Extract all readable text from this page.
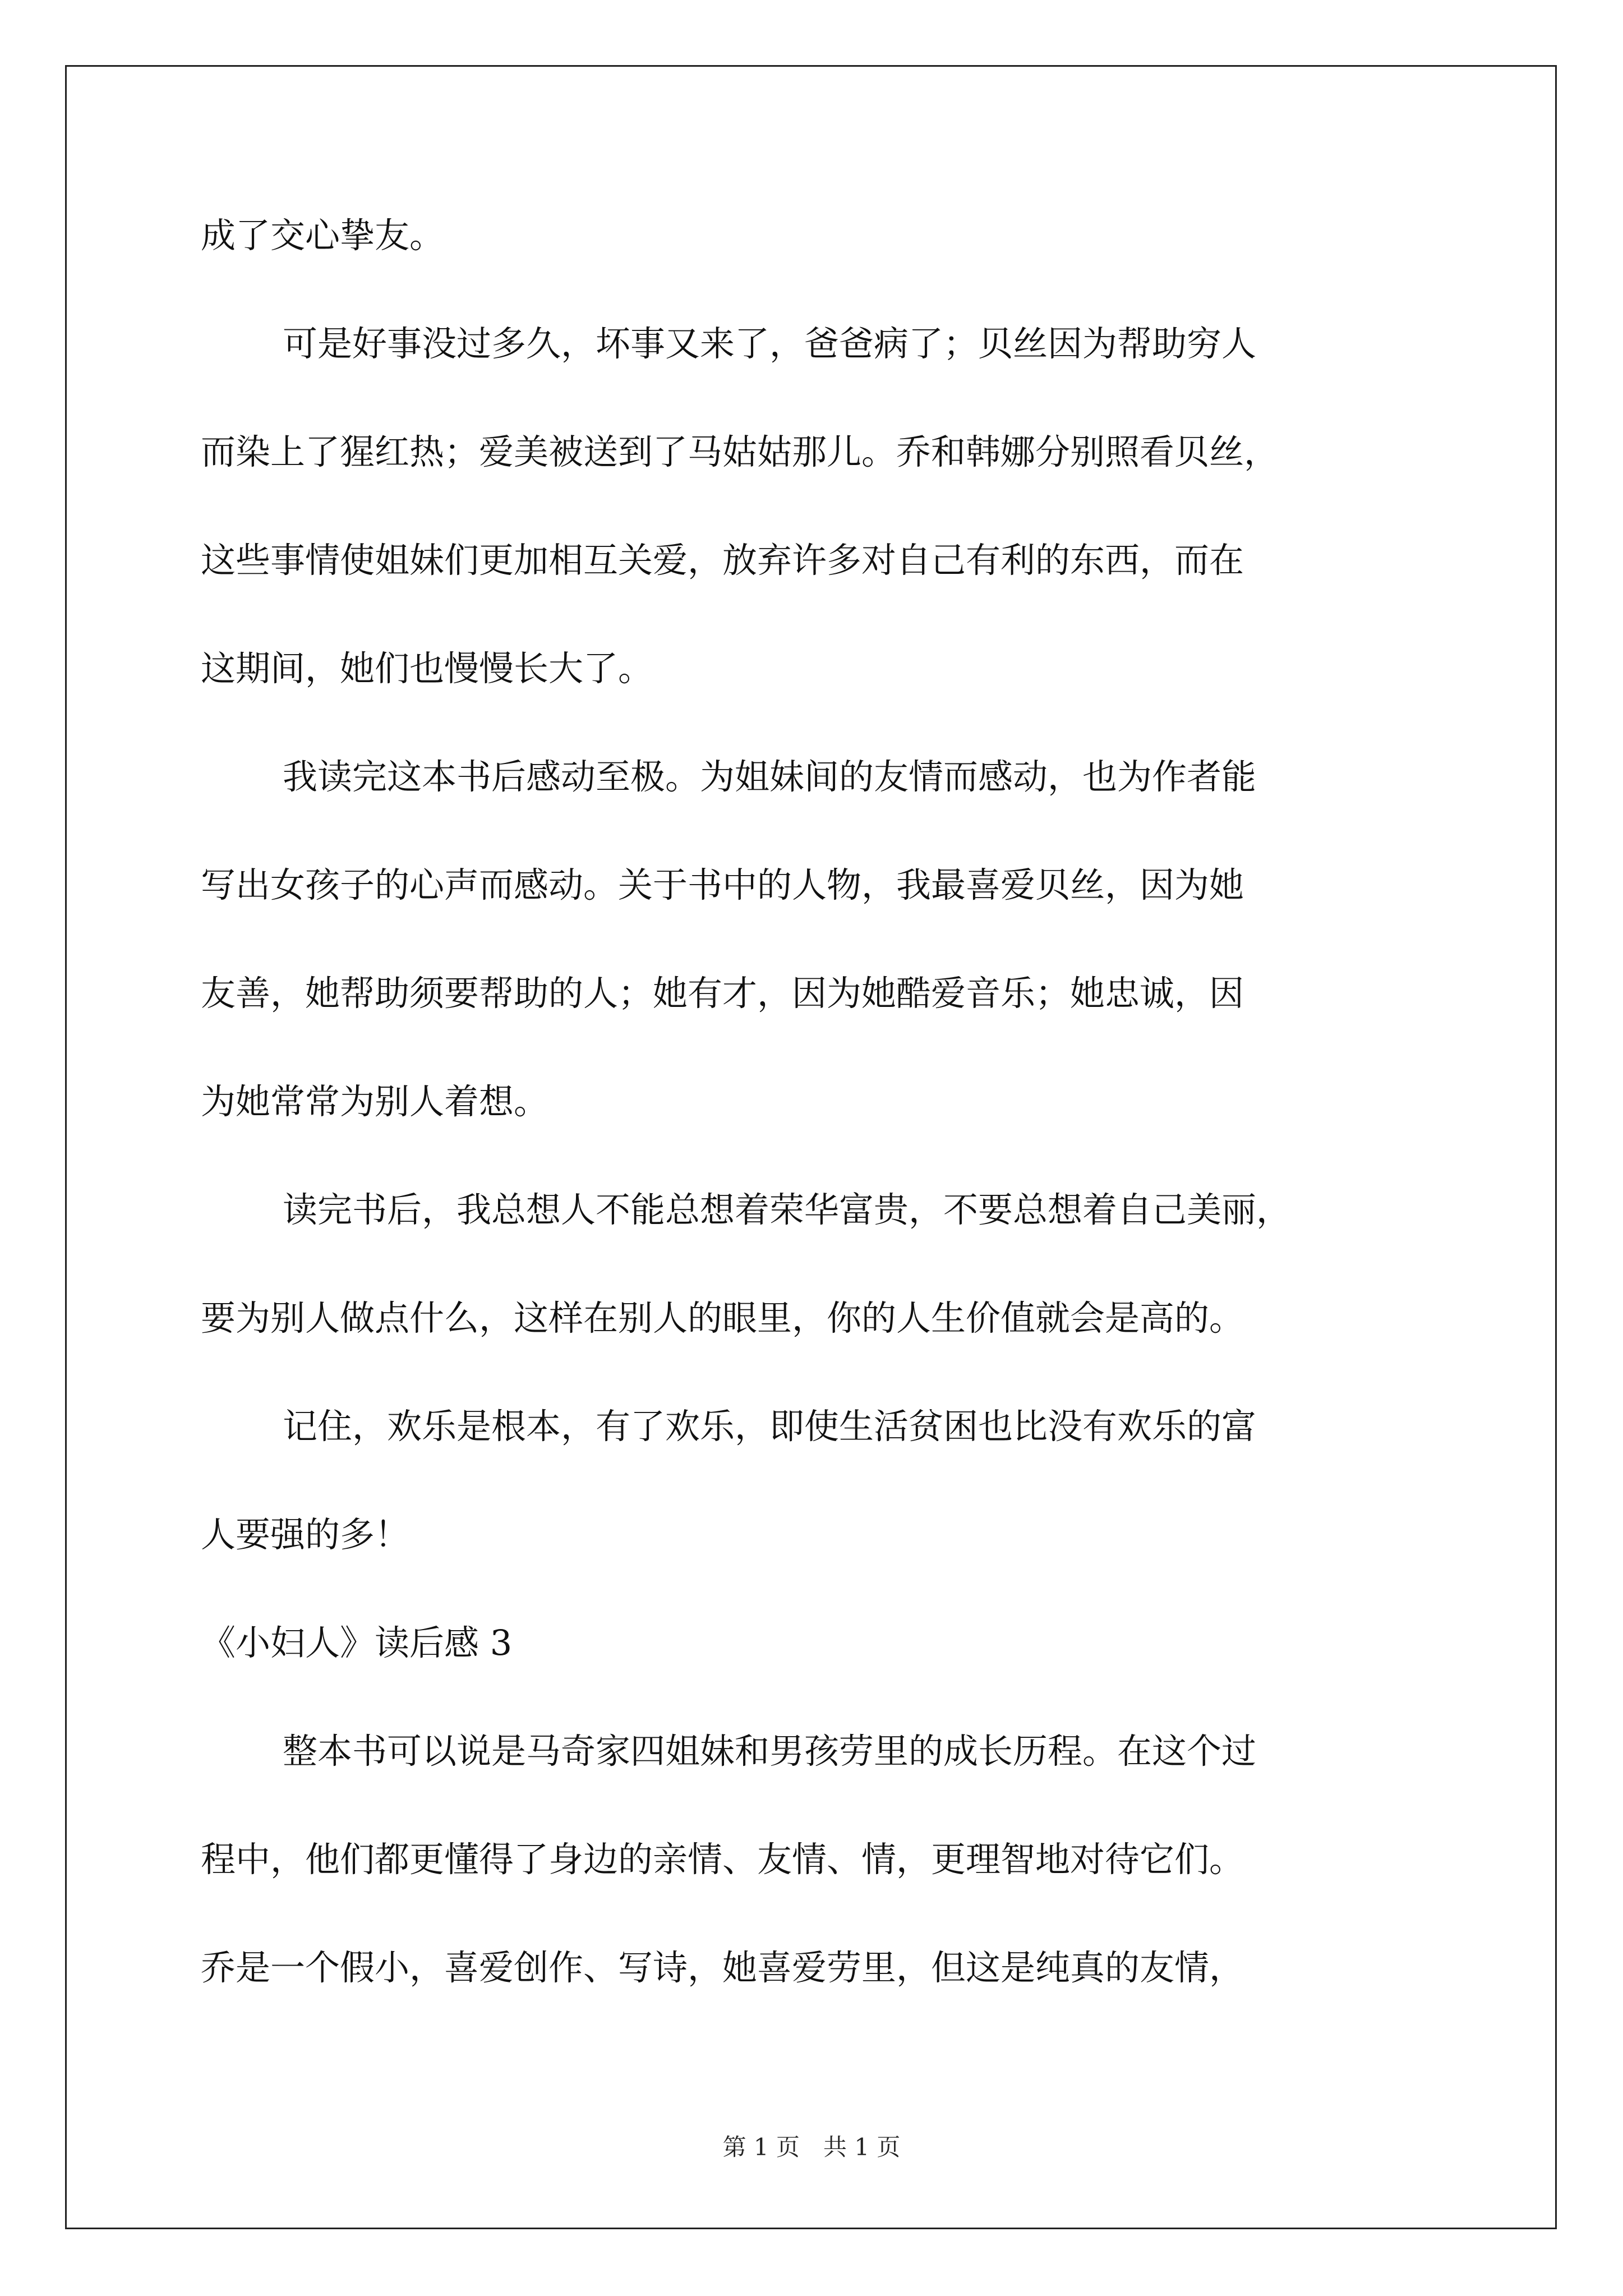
成了交心挚友。
可是好事没过多久，坏事又来了，爸爸病了；贝丝因为帮助穷人
而染上了猩红热；爱美被送到了马姑姑那儿。乔和韩娜分别照看贝丝，
这些事情使姐妹们更加相互关爱，放弃许多对自己有利的东西，而在
这期间，她们也慢慢长大了。
我读完这本书后感动至极。为姐妹间的友情而感动，也为作者能
写出女孩子的心声而感动。关于书中的人物，我最喜爱贝丝，因为她
友善，她帮助须要帮助的人；她有才，因为她酷爱音乐；她忠诚，因
为她常常为别人着想。
读完书后，我总想人不能总想着荣华富贵，不要总想着自己美丽，
要为别人做点什么，这样在别人的眼里，你的人生价值就会是高的。
记住，欢乐是根本，有了欢乐，即使生活贫困也比没有欢乐的富
人要强的多！
《小妇人》读后感 3
整本书可以说是马奇家四姐妹和男孩劳里的成长历程。在这个过
程中，他们都更懂得了身边的亲情、友情、情，更理智地对待它们。
乔是一个假小，喜爱创作、写诗，她喜爱劳里，但这是纯真的友情，
第 1 页　共 1 页
